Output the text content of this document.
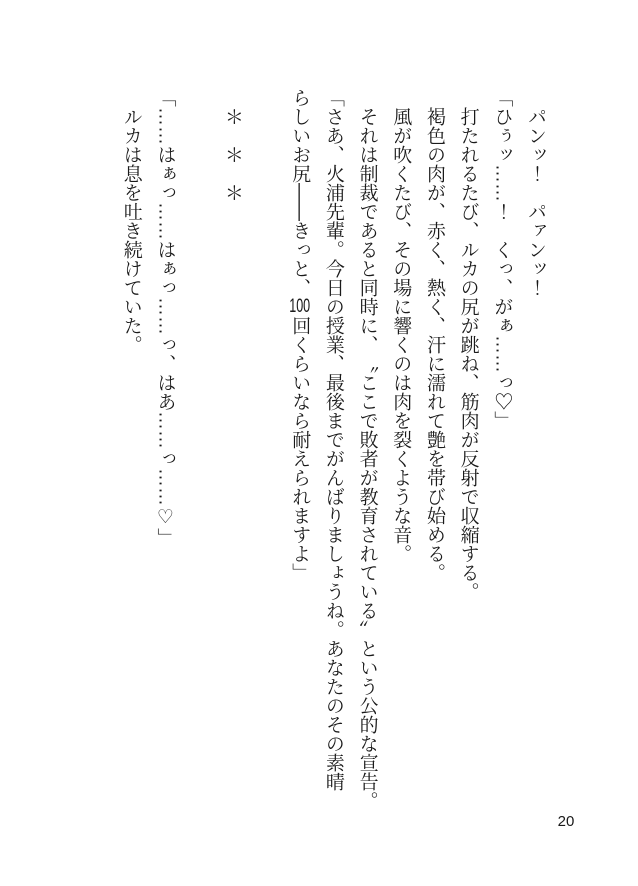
パンッ！　パァンッ！
「ひぅッ……！　くっ、がぁ……っ♡」
打たれるたび、ルカの尻が跳ね、筋肉が反射で収縮する。
褐色の肉が、赤く、熱く、汗に濡れて艶を帯び始める。
風が吹くたび、その場に響くのは肉を裂くような音。
それは制裁であると同時に、〝ここで敗者が教育されている〟という公的な宣告。
「さあ、火浦先輩。今日の授業、最後までがんばりましょうね。あなたのその素晴
らしいお尻――きっと、100回くらいなら耐えられますよ」
＊　＊　＊
「……はぁっ……はぁっ……っ、はあ……っ……♡」
ルカは息を吐き続けていた。
20
